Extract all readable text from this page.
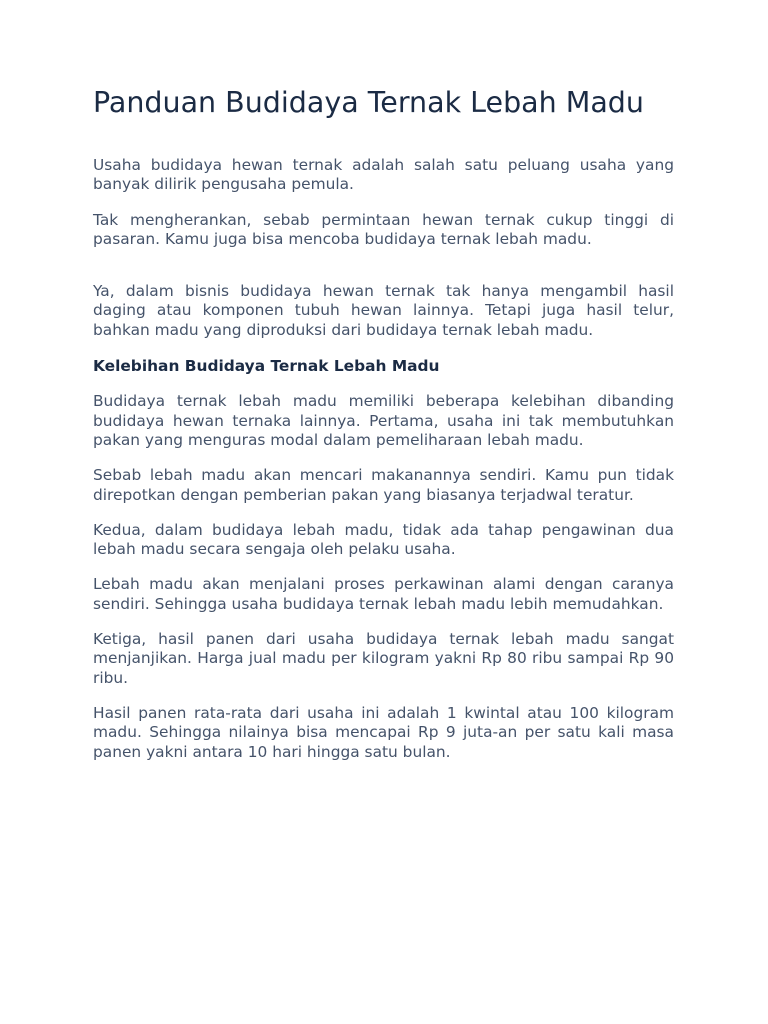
Panduan Budidaya Ternak Lebah Madu

Usaha budidaya hewan ternak adalah salah satu peluang usaha yang banyak dilirik pengusaha pemula.

Tak mengherankan, sebab permintaan hewan ternak cukup tinggi di pasaran. Kamu juga bisa mencoba budidaya ternak lebah madu.

Ya, dalam bisnis budidaya hewan ternak tak hanya mengambil hasil daging atau komponen tubuh hewan lainnya. Tetapi juga hasil telur, bahkan madu yang diproduksi dari budidaya ternak lebah madu.

Kelebihan Budidaya Ternak Lebah Madu

Budidaya ternak lebah madu memiliki beberapa kelebihan dibanding budidaya hewan ternaka lainnya. Pertama, usaha ini tak membutuhkan pakan yang menguras modal dalam pemeliharaan lebah madu.

Sebab lebah madu akan mencari makanannya sendiri. Kamu pun tidak direpotkan dengan pemberian pakan yang biasanya terjadwal teratur.

Kedua, dalam budidaya lebah madu, tidak ada tahap pengawinan dua lebah madu secara sengaja oleh pelaku usaha.

Lebah madu akan menjalani proses perkawinan alami dengan caranya sendiri. Sehingga usaha budidaya ternak lebah madu lebih memudahkan.

Ketiga, hasil panen dari usaha budidaya ternak lebah madu sangat menjanjikan. Harga jual madu per kilogram yakni Rp 80 ribu sampai Rp 90 ribu.

Hasil panen rata-rata dari usaha ini adalah 1 kwintal atau 100 kilogram madu. Sehingga nilainya bisa mencapai Rp 9 juta-an per satu kali masa panen yakni antara 10 hari hingga satu bulan.
